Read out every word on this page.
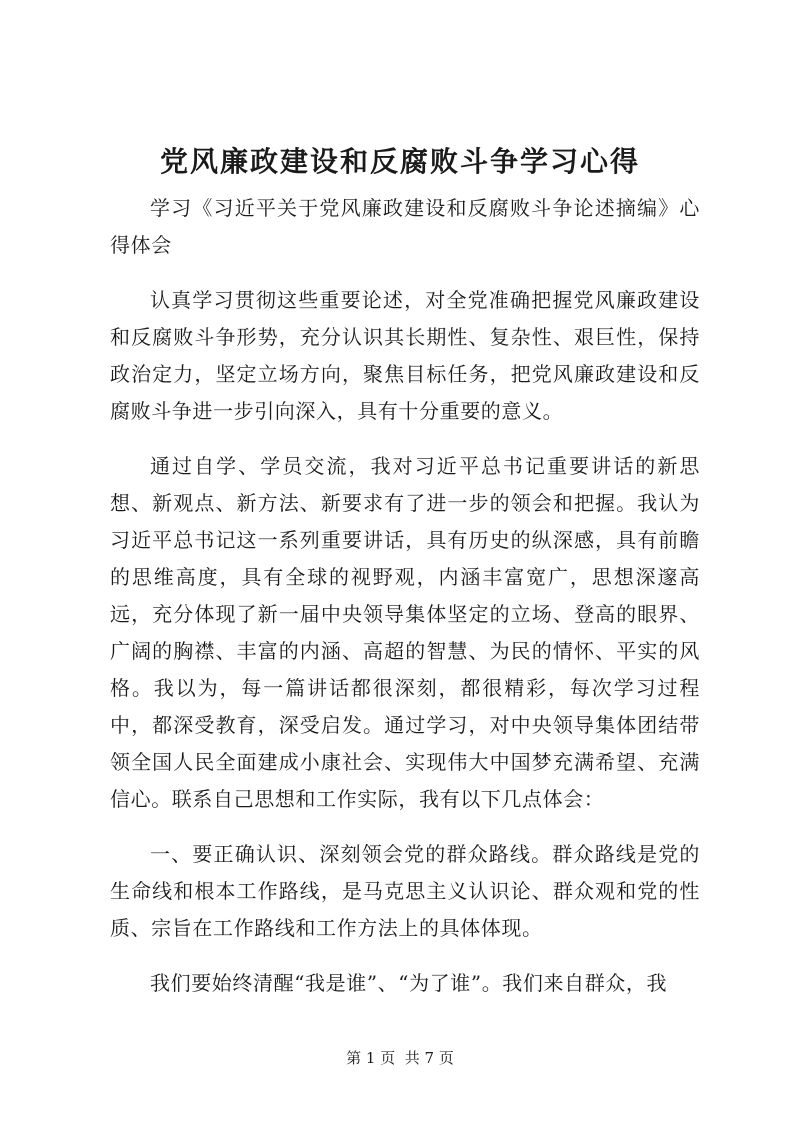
党风廉政建设和反腐败斗争学习心得

学习《习近平关于党风廉政建设和反腐败斗争论述摘编》心得体会

认真学习贯彻这些重要论述，对全党准确把握党风廉政建设和反腐败斗争形势，充分认识其长期性、复杂性、艰巨性，保持政治定力，坚定立场方向，聚焦目标任务，把党风廉政建设和反腐败斗争进一步引向深入，具有十分重要的意义。

通过自学、学员交流，我对习近平总书记重要讲话的新思想、新观点、新方法、新要求有了进一步的领会和把握。我认为习近平总书记这一系列重要讲话，具有历史的纵深感，具有前瞻的思维高度，具有全球的视野观，内涵丰富宽广，思想深邃高远，充分体现了新一届中央领导集体坚定的立场、登高的眼界、广阔的胸襟、丰富的内涵、高超的智慧、为民的情怀、平实的风格。我以为，每一篇讲话都很深刻，都很精彩，每次学习过程中，都深受教育，深受启发。通过学习，对中央领导集体团结带领全国人民全面建成小康社会、实现伟大中国梦充满希望、充满信心。联系自己思想和工作实际，我有以下几点体会：

一、要正确认识、深刻领会党的群众路线。群众路线是党的生命线和根本工作路线，是马克思主义认识论、群众观和党的性质、宗旨在工作路线和工作方法上的具体体现。

我们要始终清醒“我是谁”、“为了谁”。我们来自群众，我

第 1 页  共 7 页
